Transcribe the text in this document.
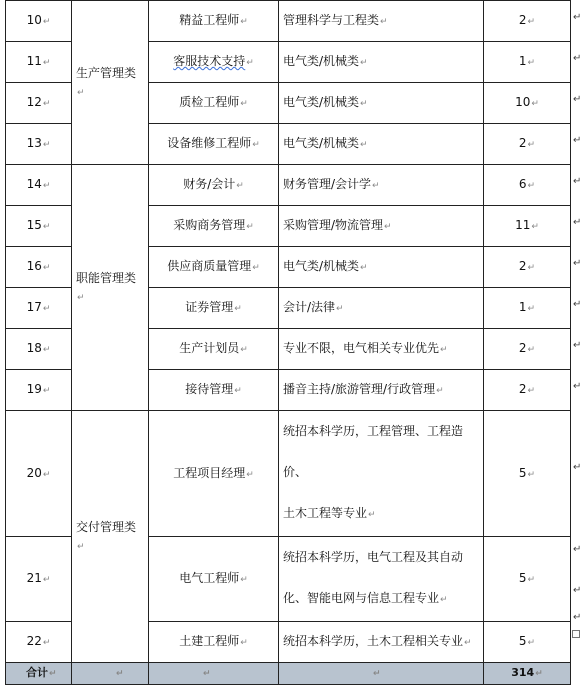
10↵	生产管理类↵	精益工程师↵	管理科学与工程类↵	2↵
11↵		客服技术支持↵	电气类/机械类↵	1↵
12↵		质检工程师↵	电气类/机械类↵	10↵
13↵		设备维修工程师↵	电气类/机械类↵	2↵
14↵	职能管理类↵	财务/会计↵	财务管理/会计学↵	6↵
15↵		采购商务管理↵	采购管理/物流管理↵	11↵
16↵		供应商质量管理↵	电气类/机械类↵	2↵
17↵		证券管理↵	会计/法律↵	1↵
18↵		生产计划员↵	专业不限，电气相关专业优先↵	2↵
19↵		接待管理↵	播音主持/旅游管理/行政管理↵	2↵
20↵	交付管理类↵	工程项目经理↵	统招本科学历，工程管理、工程造价、
土木工程等专业↵	5↵
21↵		电气工程师↵	统招本科学历，电气工程及其自动
化、智能电网与信息工程专业↵	5↵
22↵		土建工程师↵	统招本科学历，土木工程相关专业↵	5↵
合计↵	↵	↵	↵	314↵
↵
↵
↵
↵
↵
↵
↵
↵
↵
↵
↵
↵
↵
↵
